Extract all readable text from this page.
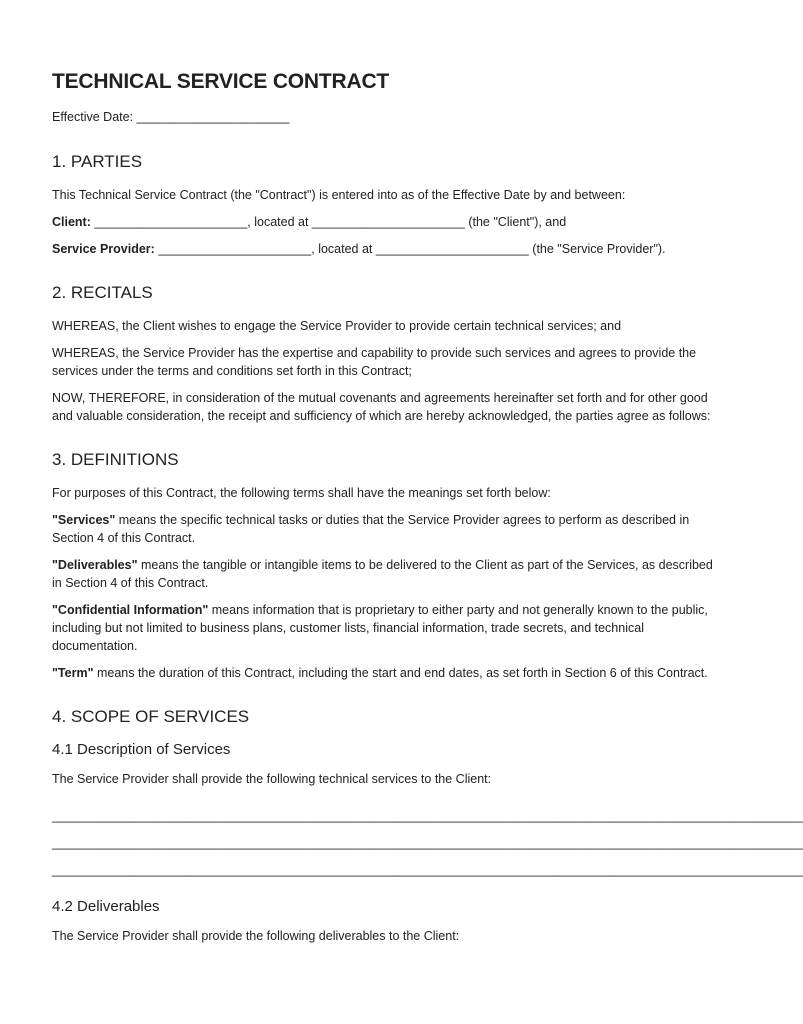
TECHNICAL SERVICE CONTRACT

Effective Date: ______________________

1. PARTIES

This Technical Service Contract (the "Contract") is entered into as of the Effective Date by and between:

Client: ______________________, located at ______________________ (the "Client"), and

Service Provider: ______________________, located at ______________________ (the "Service Provider").

2. RECITALS

WHEREAS, the Client wishes to engage the Service Provider to provide certain technical services; and

WHEREAS, the Service Provider has the expertise and capability to provide such services and agrees to provide the services under the terms and conditions set forth in this Contract;

NOW, THEREFORE, in consideration of the mutual covenants and agreements hereinafter set forth and for other good and valuable consideration, the receipt and sufficiency of which are hereby acknowledged, the parties agree as follows:

3. DEFINITIONS

For purposes of this Contract, the following terms shall have the meanings set forth below:

"Services" means the specific technical tasks or duties that the Service Provider agrees to perform as described in Section 4 of this Contract.

"Deliverables" means the tangible or intangible items to be delivered to the Client as part of the Services, as described in Section 4 of this Contract.

"Confidential Information" means information that is proprietary to either party and not generally known to the public, including but not limited to business plans, customer lists, financial information, trade secrets, and technical documentation.

"Term" means the duration of this Contract, including the start and end dates, as set forth in Section 6 of this Contract.

4. SCOPE OF SERVICES
4.1 Description of Services

The Service Provider shall provide the following technical services to the Client:

____________________________________________________________________________________________________________
____________________________________________________________________________________________________________
____________________________________________________________________________________________________________
4.2 Deliverables

The Service Provider shall provide the following deliverables to the Client:
